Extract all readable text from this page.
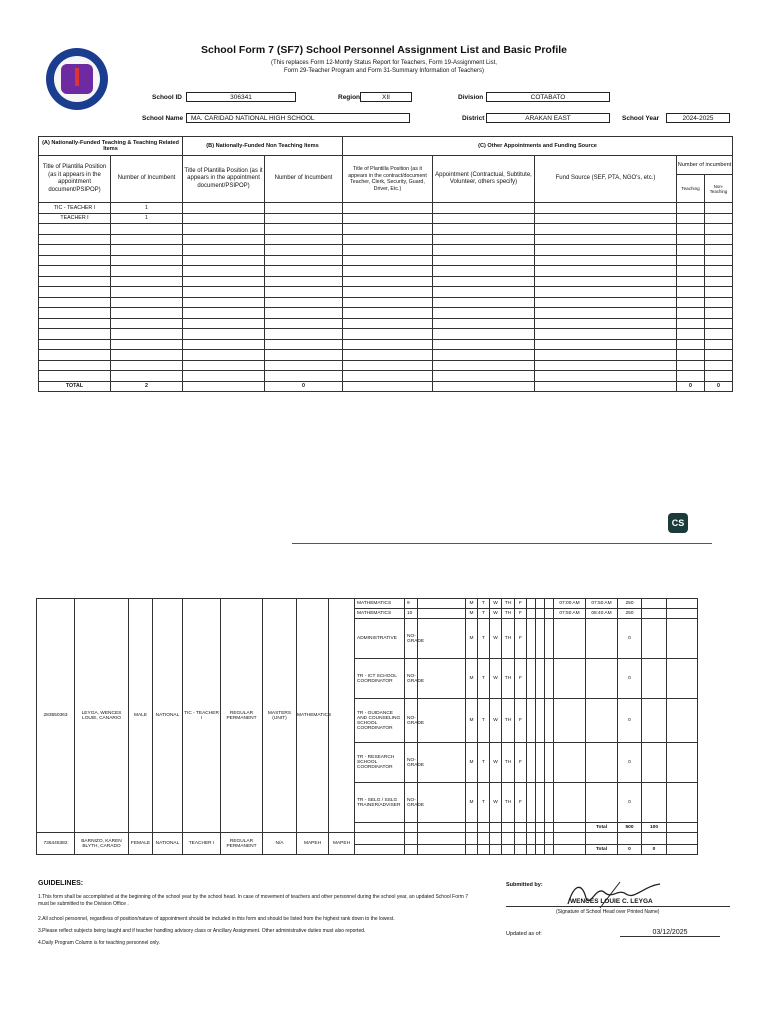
School Form 7 (SF7) School Personnel Assignment List and Basic Profile
(This replaces Form 12-Montly Status Report for Teachers, Form 19-Assignment List,
Form 29-Teacher Program and Form 31-Summary Information of Teachers)
School ID	306341	Region	XII	Division	COTABATO
School Name	MA. CARIDAD NATIONAL HIGH SCHOOL	District	ARAKAN EAST	School Year	2024-2025
(A) Nationally-Funded Teaching & Teaching Related Items		(B) Nationally-Funded Non Teaching Items		(C) Other Appointments and Funding Source				
Title of Plantilla Position (as it appears in the appointment document/PSIPOP)	Number of Incumbent	Title of Plantilla Position (as it appears in the appointment document/PSIPOP)	Number of Incumbent	Title of Plantilla Position (as it appears in the contract/document Teacher, Clerk, Security, Guard, Driver, Etc.)	Appointment (Contractual, Subtitute, Volunteer, others specify)	Fund Source (SEF, PTA, NGO's, etc.)	Number of incumbent	
							Teaching	Non-Teaching
TIC - TEACHER I	1							
TEACHER I	1							

TOTAL	2		0				0	0
CS
283550363	LEYGA, WENCES LOUIE, CANARIO	MALE	NATIONAL	TIC - TEACHER I	REGULAR PERMANENT	MASTERS (UNIT)	MATHEMATICS		MATHEMATICS	9		M	T	W	TH	F				07:00 AM	07:50 AM	250		
									MATHEMATICS	10		M	T	W	TH	F				07:50 AM	08:40 AM	250		
									ADMINISTRATIVE	NO-GRADE		M	T	W	TH	F						0		
									TR - ICT SCHOOL COORDINATOR	NO-GRADE		M	T	W	TH	F						0		
									TR - GUIDANCE AND COUNSELING SCHOOL COORDINATOR	NO-GRADE		M	T	W	TH	F						0		
									TR - RESEARCH SCHOOL COORDINATOR	NO-GRADE		M	T	W	TH	F						0		
									TR - SELG / SSLG TRAINER/ADVISER	NO-GRADE		M	T	W	TH	F						0		
																					Total	500	100	
736445382	BARNIZO, KAREN BLYTH, CARADO	FEMALE	NATIONAL	TEACHER I	REGULAR PERMANENT	N/A	MAPEH	MAPEH																
																					Total	0	0	
GUIDELINES:
1.This form shall be accomplished at the beginning of the school year by the school head. In case of movement of teachers and other personnel during the school year, an updated School Form 7 must be submitted to the Division Office .
2.All school personnel, regardless of position/nature of appointment should be included in this form and should be listed from the highest rank down to the lowest.
3.Please reflect subjects being taught and if teacher handling advisory class or Ancillary Assignment. Other administrative duties must also reported.
4.Daily Program Column is for teaching personnel only.
Submitted by:
WENCES LOUIE C. LEYGA
(Signature of School Head over Printed Name)
Updated as of:	03/12/2025
